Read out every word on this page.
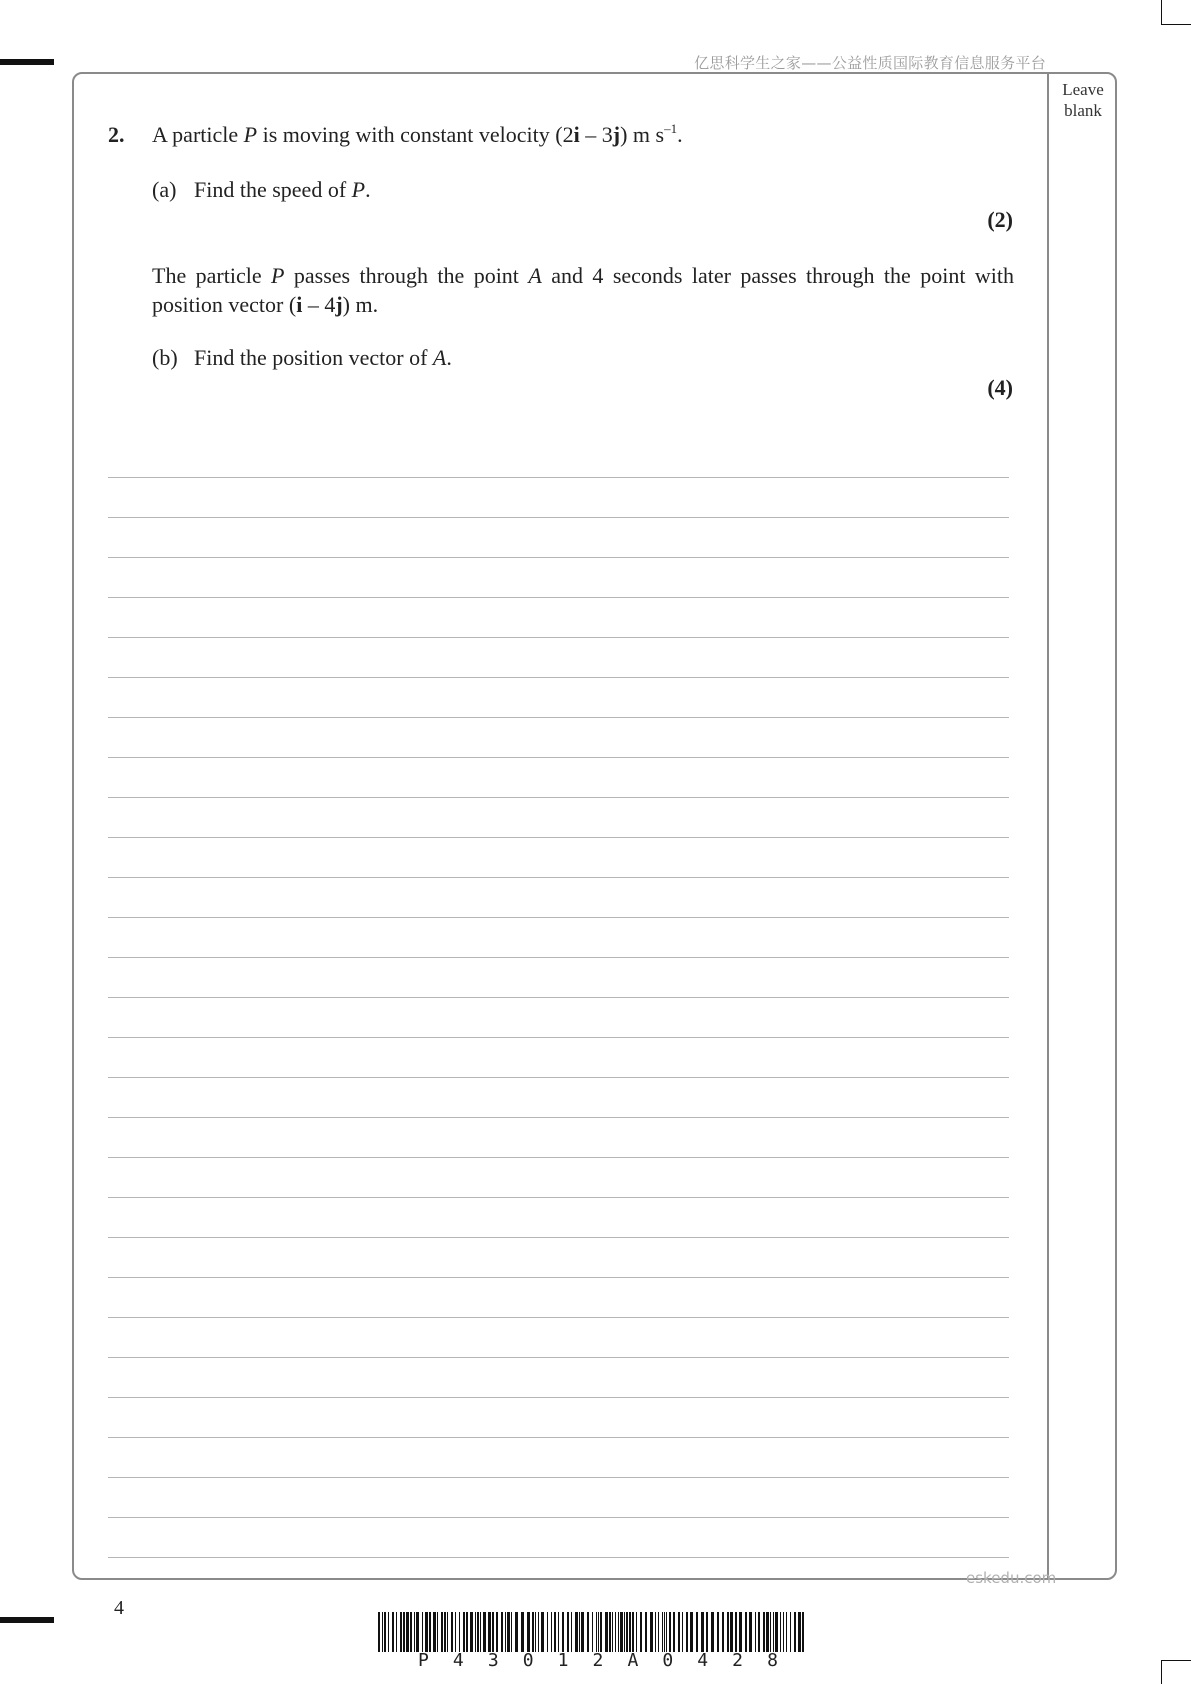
亿思科学生之家——公益性质国际教育信息服务平台
Leave
blank
2. A particle P is moving with constant velocity (2i – 3j) m $s^{-1}$.
(a) Find the speed of P.
(2)
The particle P passes through the point A and 4 seconds later passes through the point with position vector (i – 4j) m.
(b) Find the position vector of A.
(4)
eskedu.com
4
P 4 3 0 1 2 A 0 4 2 8
